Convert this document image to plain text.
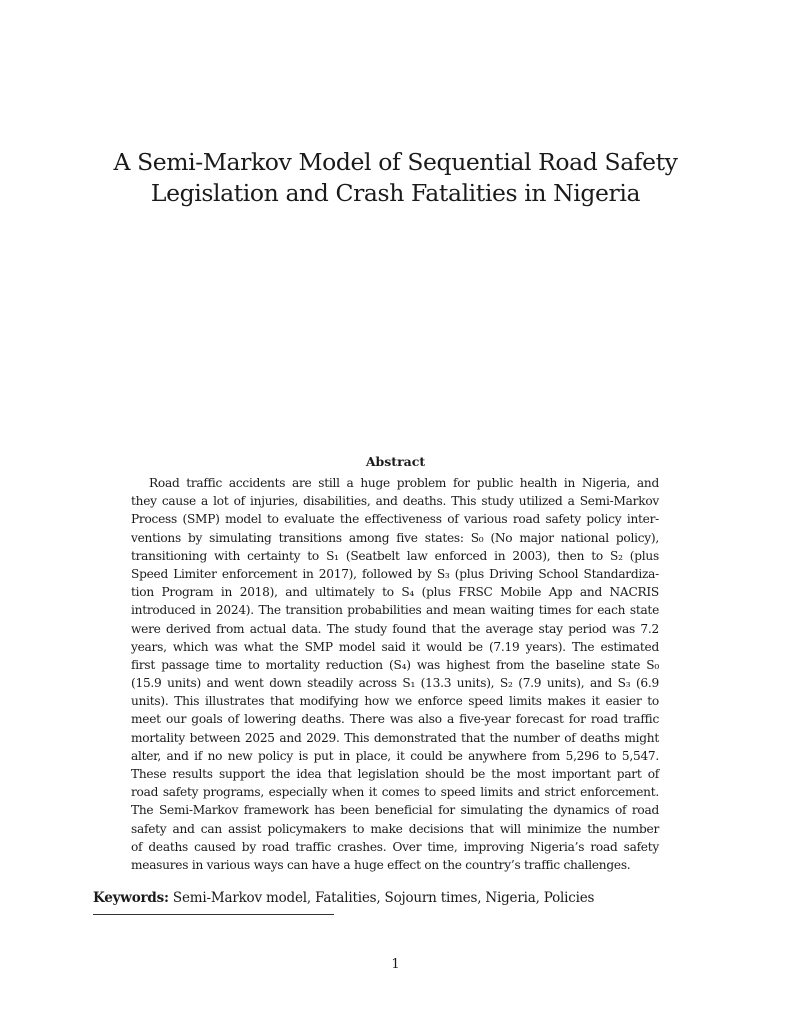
A Semi-Markov Model of Sequential Road Safety
Legislation and Crash Fatalities in Nigeria
Abstract
Road traffic accidents are still a huge problem for public health in Nigeria, and
they cause a lot of injuries, disabilities, and deaths. This study utilized a Semi-Markov
Process (SMP) model to evaluate the effectiveness of various road safety policy inter-
ventions by simulating transitions among five states: S₀ (No major national policy),
transitioning with certainty to S₁ (Seatbelt law enforced in 2003), then to S₂ (plus
Speed Limiter enforcement in 2017), followed by S₃ (plus Driving School Standardiza-
tion Program in 2018), and ultimately to S₄ (plus FRSC Mobile App and NACRIS
introduced in 2024). The transition probabilities and mean waiting times for each state
were derived from actual data. The study found that the average stay period was 7.2
years, which was what the SMP model said it would be (7.19 years). The estimated
first passage time to mortality reduction (S₄) was highest from the baseline state S₀
(15.9 units) and went down steadily across S₁ (13.3 units), S₂ (7.9 units), and S₃ (6.9
units). This illustrates that modifying how we enforce speed limits makes it easier to
meet our goals of lowering deaths. There was also a five-year forecast for road traffic
mortality between 2025 and 2029. This demonstrated that the number of deaths might
alter, and if no new policy is put in place, it could be anywhere from 5,296 to 5,547.
These results support the idea that legislation should be the most important part of
road safety programs, especially when it comes to speed limits and strict enforcement.
The Semi-Markov framework has been beneficial for simulating the dynamics of road
safety and can assist policymakers to make decisions that will minimize the number
of deaths caused by road traffic crashes. Over time, improving Nigeria’s road safety
measures in various ways can have a huge effect on the country’s traffic challenges.
Keywords: Semi-Markov model, Fatalities, Sojourn times, Nigeria, Policies
1
